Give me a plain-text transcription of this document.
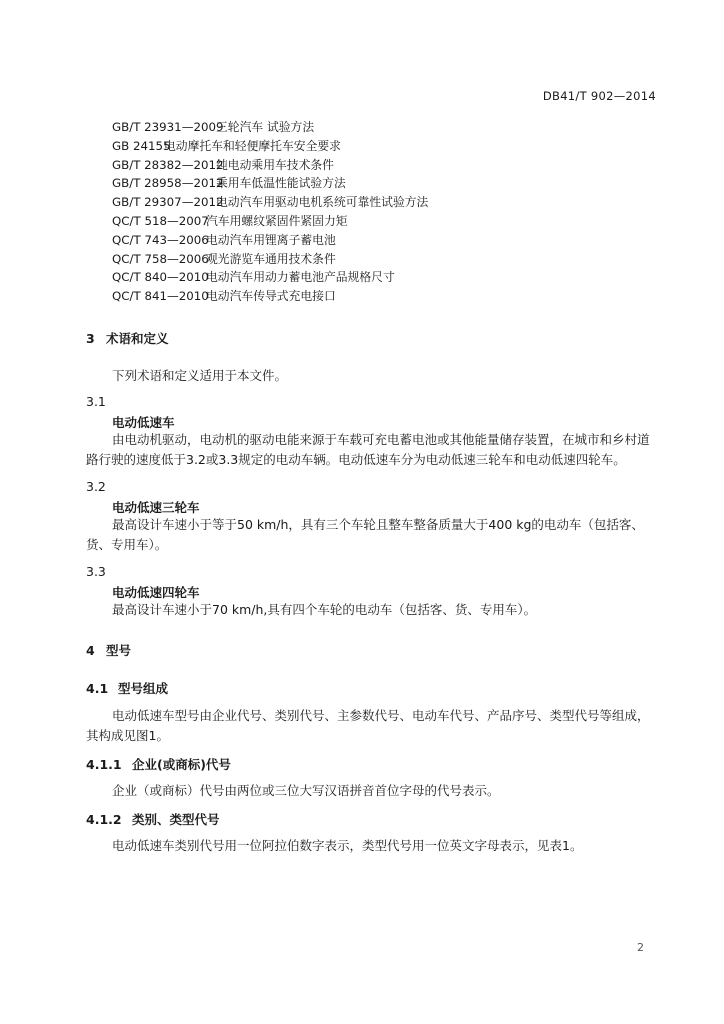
DB41/T 902—2014
GB/T 23931—2009三轮汽车 试验方法
GB 24155电动摩托车和轻便摩托车安全要求
GB/T 28382—2012纯电动乘用车技术条件
GB/T 28958—2012乘用车低温性能试验方法
GB/T 29307—2012电动汽车用驱动电机系统可靠性试验方法
QC/T 518—2007汽车用螺纹紧固件紧固力矩
QC/T 743—2006电动汽车用锂离子蓄电池
QC/T 758—2006观光游览车通用技术条件
QC/T 840—2010电动汽车用动力蓄电池产品规格尺寸
QC/T 841—2010电动汽车传导式充电接口
3 术语和定义
下列术语和定义适用于本文件。
3.1
电动低速车
由电动机驱动，电动机的驱动电能来源于车载可充电蓄电池或其他能量储存装置，在城市和乡村道路行驶的速度低于3.2或3.3规定的电动车辆。电动低速车分为电动低速三轮车和电动低速四轮车。
3.2
电动低速三轮车
最高设计车速小于等于50 km/h，具有三个车轮且整车整备质量大于400 kg的电动车（包括客、货、专用车）。
3.3
电动低速四轮车
最高设计车速小于70 km/h,具有四个车轮的电动车（包括客、货、专用车）。
4 型号
4.1 型号组成
电动低速车型号由企业代号、类别代号、主参数代号、电动车代号、产品序号、类型代号等组成，其构成见图1。
4.1.1 企业(或商标)代号
企业（或商标）代号由两位或三位大写汉语拼音首位字母的代号表示。
4.1.2 类别、类型代号
电动低速车类别代号用一位阿拉伯数字表示，类型代号用一位英文字母表示，见表1。
2
